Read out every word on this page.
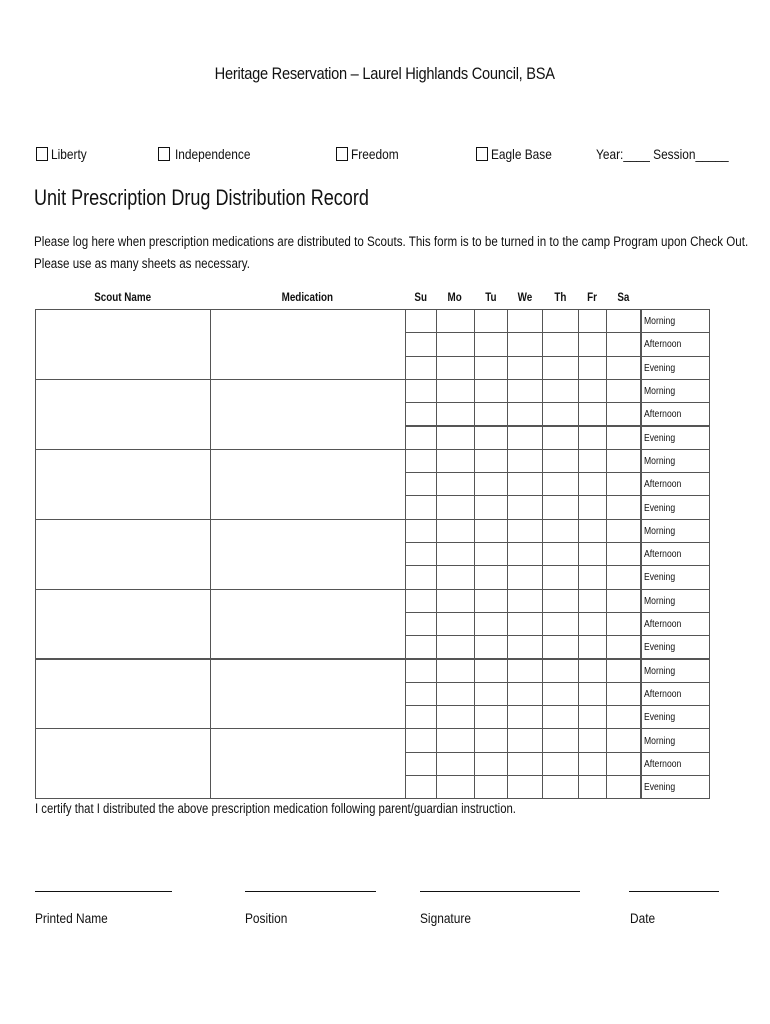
Heritage Reservation – Laurel Highlands Council, BSA
Liberty	Independence	Freedom	Eagle Base	Year:____ Session_____
Unit Prescription Drug Distribution Record
Please log here when prescription medications are distributed to Scouts. This form is to be turned in to the camp Program upon Check Out.
Please use as many sheets as necessary.
Scout Name	Medication	Su	Mo	Tu	We	Th	Fr	Sa
Morning
Afternoon
Evening
Morning
Afternoon
Evening
Morning
Afternoon
Evening
Morning
Afternoon
Evening
Morning
Afternoon
Evening
Morning
Afternoon
Evening
Morning
Afternoon
Evening
I certify that I distributed the above prescription medication following parent/guardian instruction.
Printed Name	Position	Signature	Date
